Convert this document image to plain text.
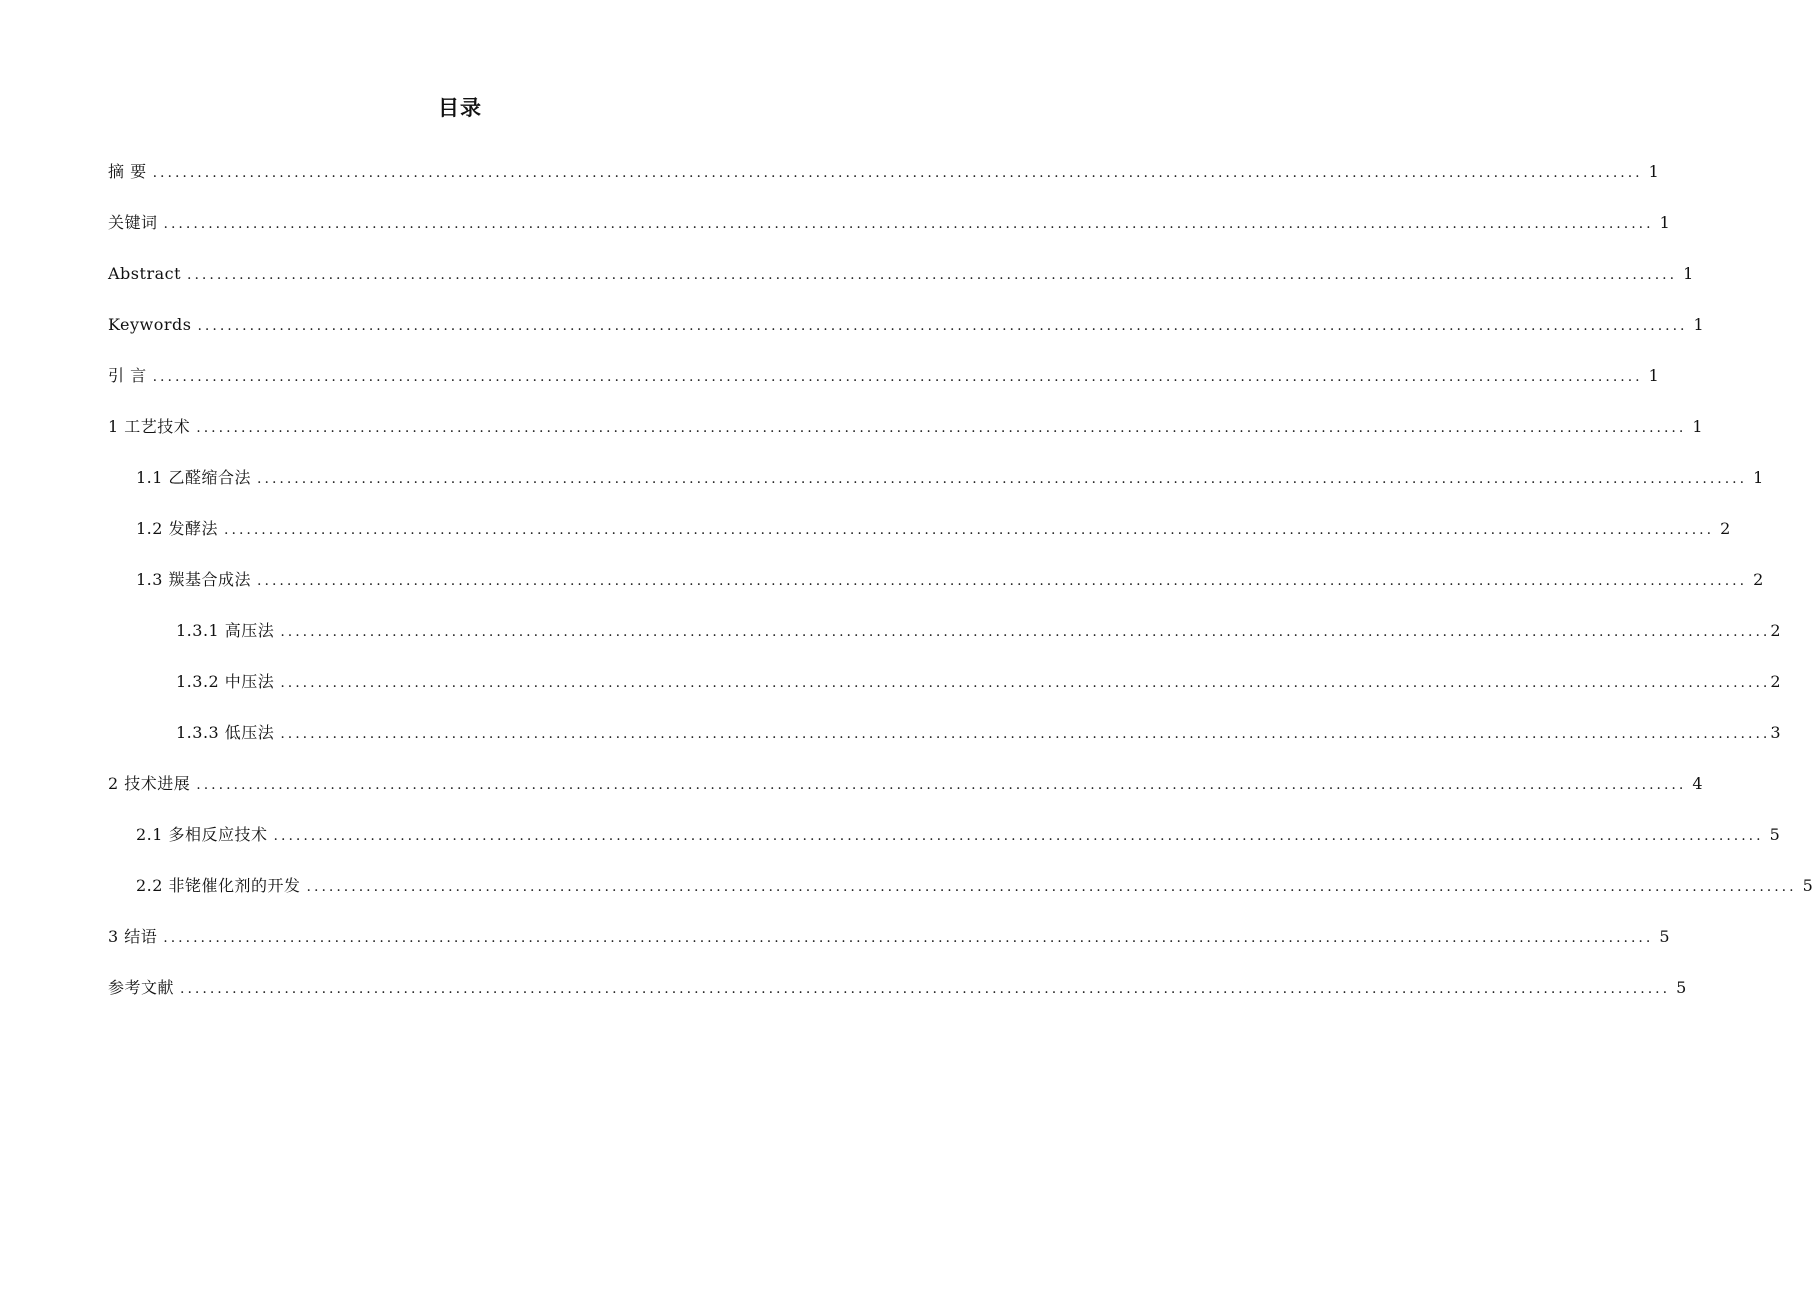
目录
摘 要 ........................................................................................................................................................................................................ 1
关键词 ........................................................................................................................................................................................................ 1
Abstract ........................................................................................................................................................................................................ 1
Keywords ........................................................................................................................................................................................................ 1
引 言 ........................................................................................................................................................................................................ 1
1 工艺技术 ........................................................................................................................................................................................................ 1
1.1 乙醛缩合法 ........................................................................................................................................................................................................ 1
1.2 发酵法 ........................................................................................................................................................................................................ 2
1.3 羰基合成法 ........................................................................................................................................................................................................ 2
1.3.1 高压法 ........................................................................................................................................................................................................ 2
1.3.2 中压法 ........................................................................................................................................................................................................ 2
1.3.3 低压法 ........................................................................................................................................................................................................ 3
2 技术进展 ........................................................................................................................................................................................................ 4
2.1 多相反应技术 ........................................................................................................................................................................................................ 5
2.2 非铑催化剂的开发 ........................................................................................................................................................................................................ 5
3 结语 ........................................................................................................................................................................................................ 5
参考文献 ........................................................................................................................................................................................................ 5
